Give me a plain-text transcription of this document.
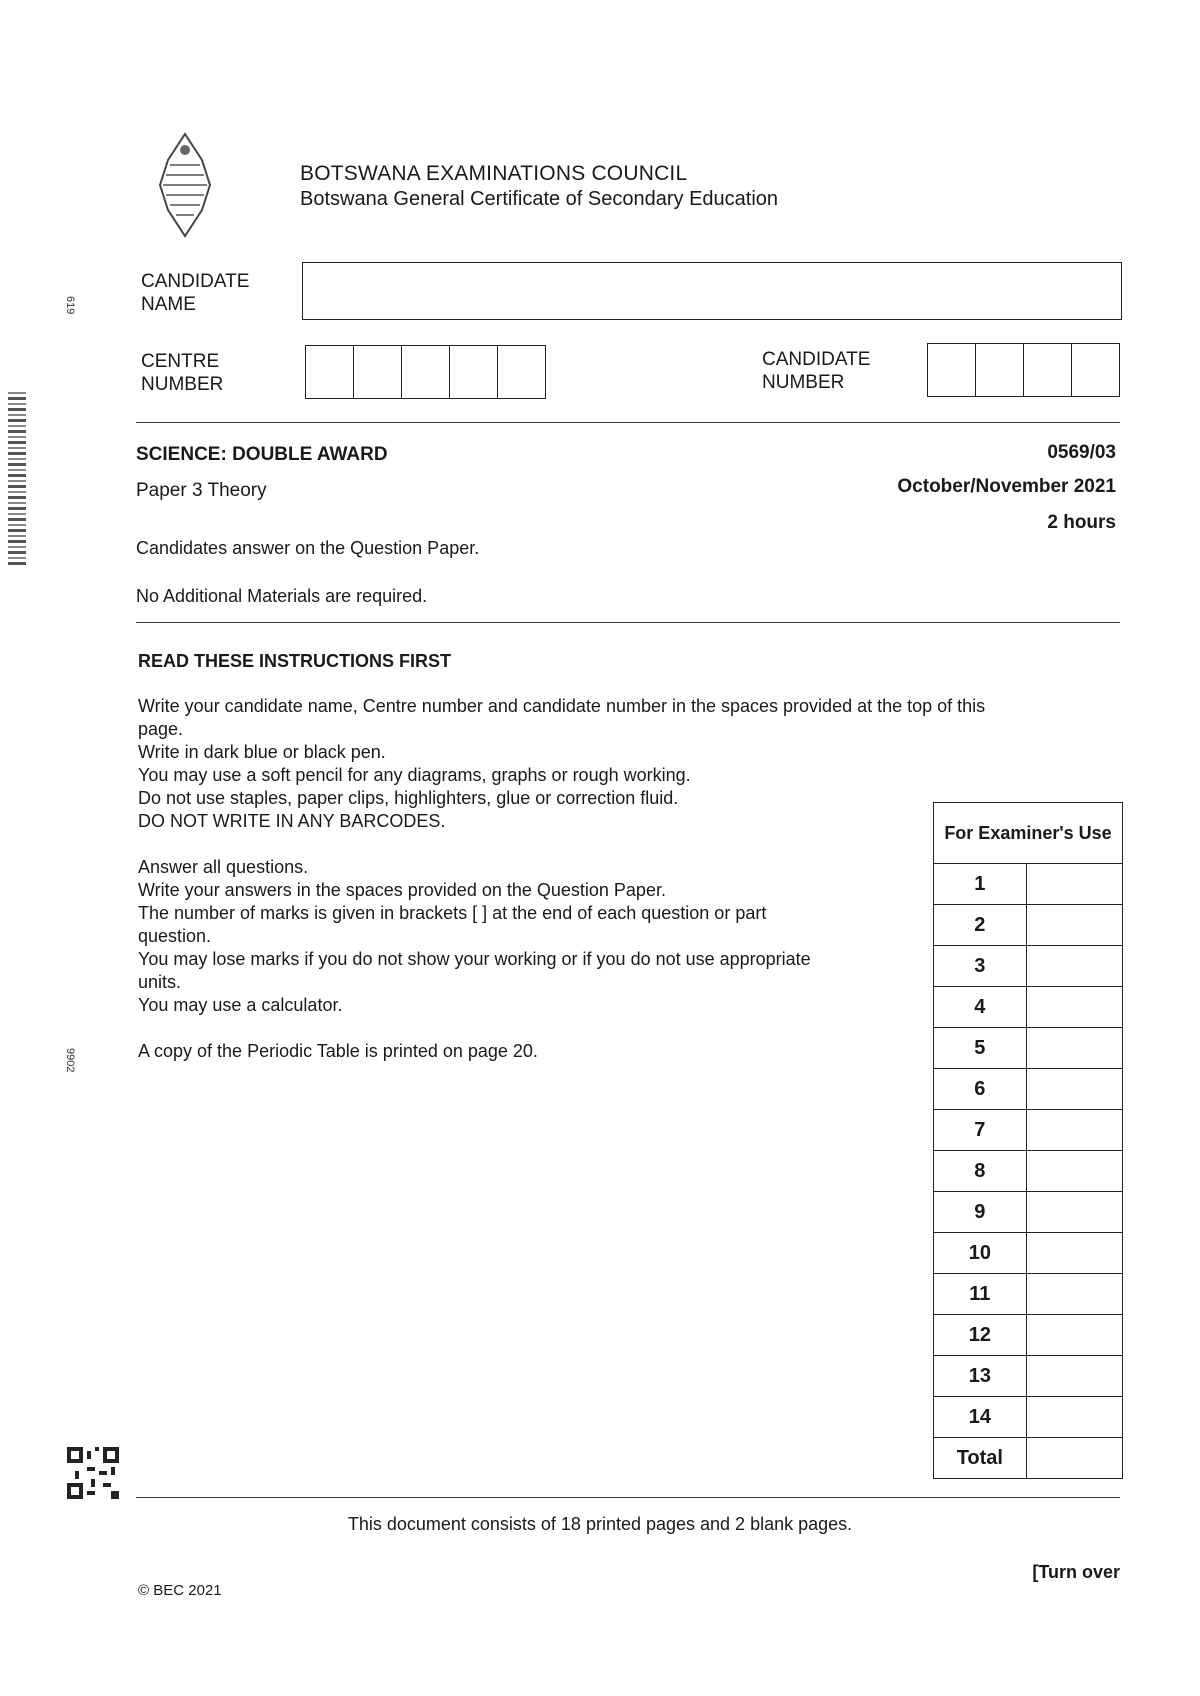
BOTSWANA EXAMINATIONS COUNCIL
Botswana General Certificate of Secondary Education
619
9902
CANDIDATE
NAME
CENTRE
NUMBER
CANDIDATE
NUMBER
SCIENCE: DOUBLE AWARD	0569/03
Paper 3 Theory	October/November 2021
2 hours
Candidates answer on the Question Paper.
No Additional Materials are required.
READ THESE INSTRUCTIONS FIRST

Write your candidate name, Centre number and candidate number in the spaces provided at the top of this page.

Write in dark blue or black pen.

You may use a soft pencil for any diagrams, graphs or rough working.

Do not use staples, paper clips, highlighters, glue or correction fluid.

DO NOT WRITE IN ANY BARCODES.

Answer all questions.

Write your answers in the spaces provided on the Question Paper.

The number of marks is given in brackets [ ] at the end of each question or part question.

You may lose marks if you do not show your working or if you do not use appropriate units.

You may use a calculator.

A copy of the Periodic Table is printed on page 20.

For Examiner's Use	
1	
2	
3	
4	
5	
6	
7	
8	
9	
10	
11	
12	
13	
14	
Total	
This document consists of 18 printed pages and 2 blank pages.
[Turn over
© BEC 2021
